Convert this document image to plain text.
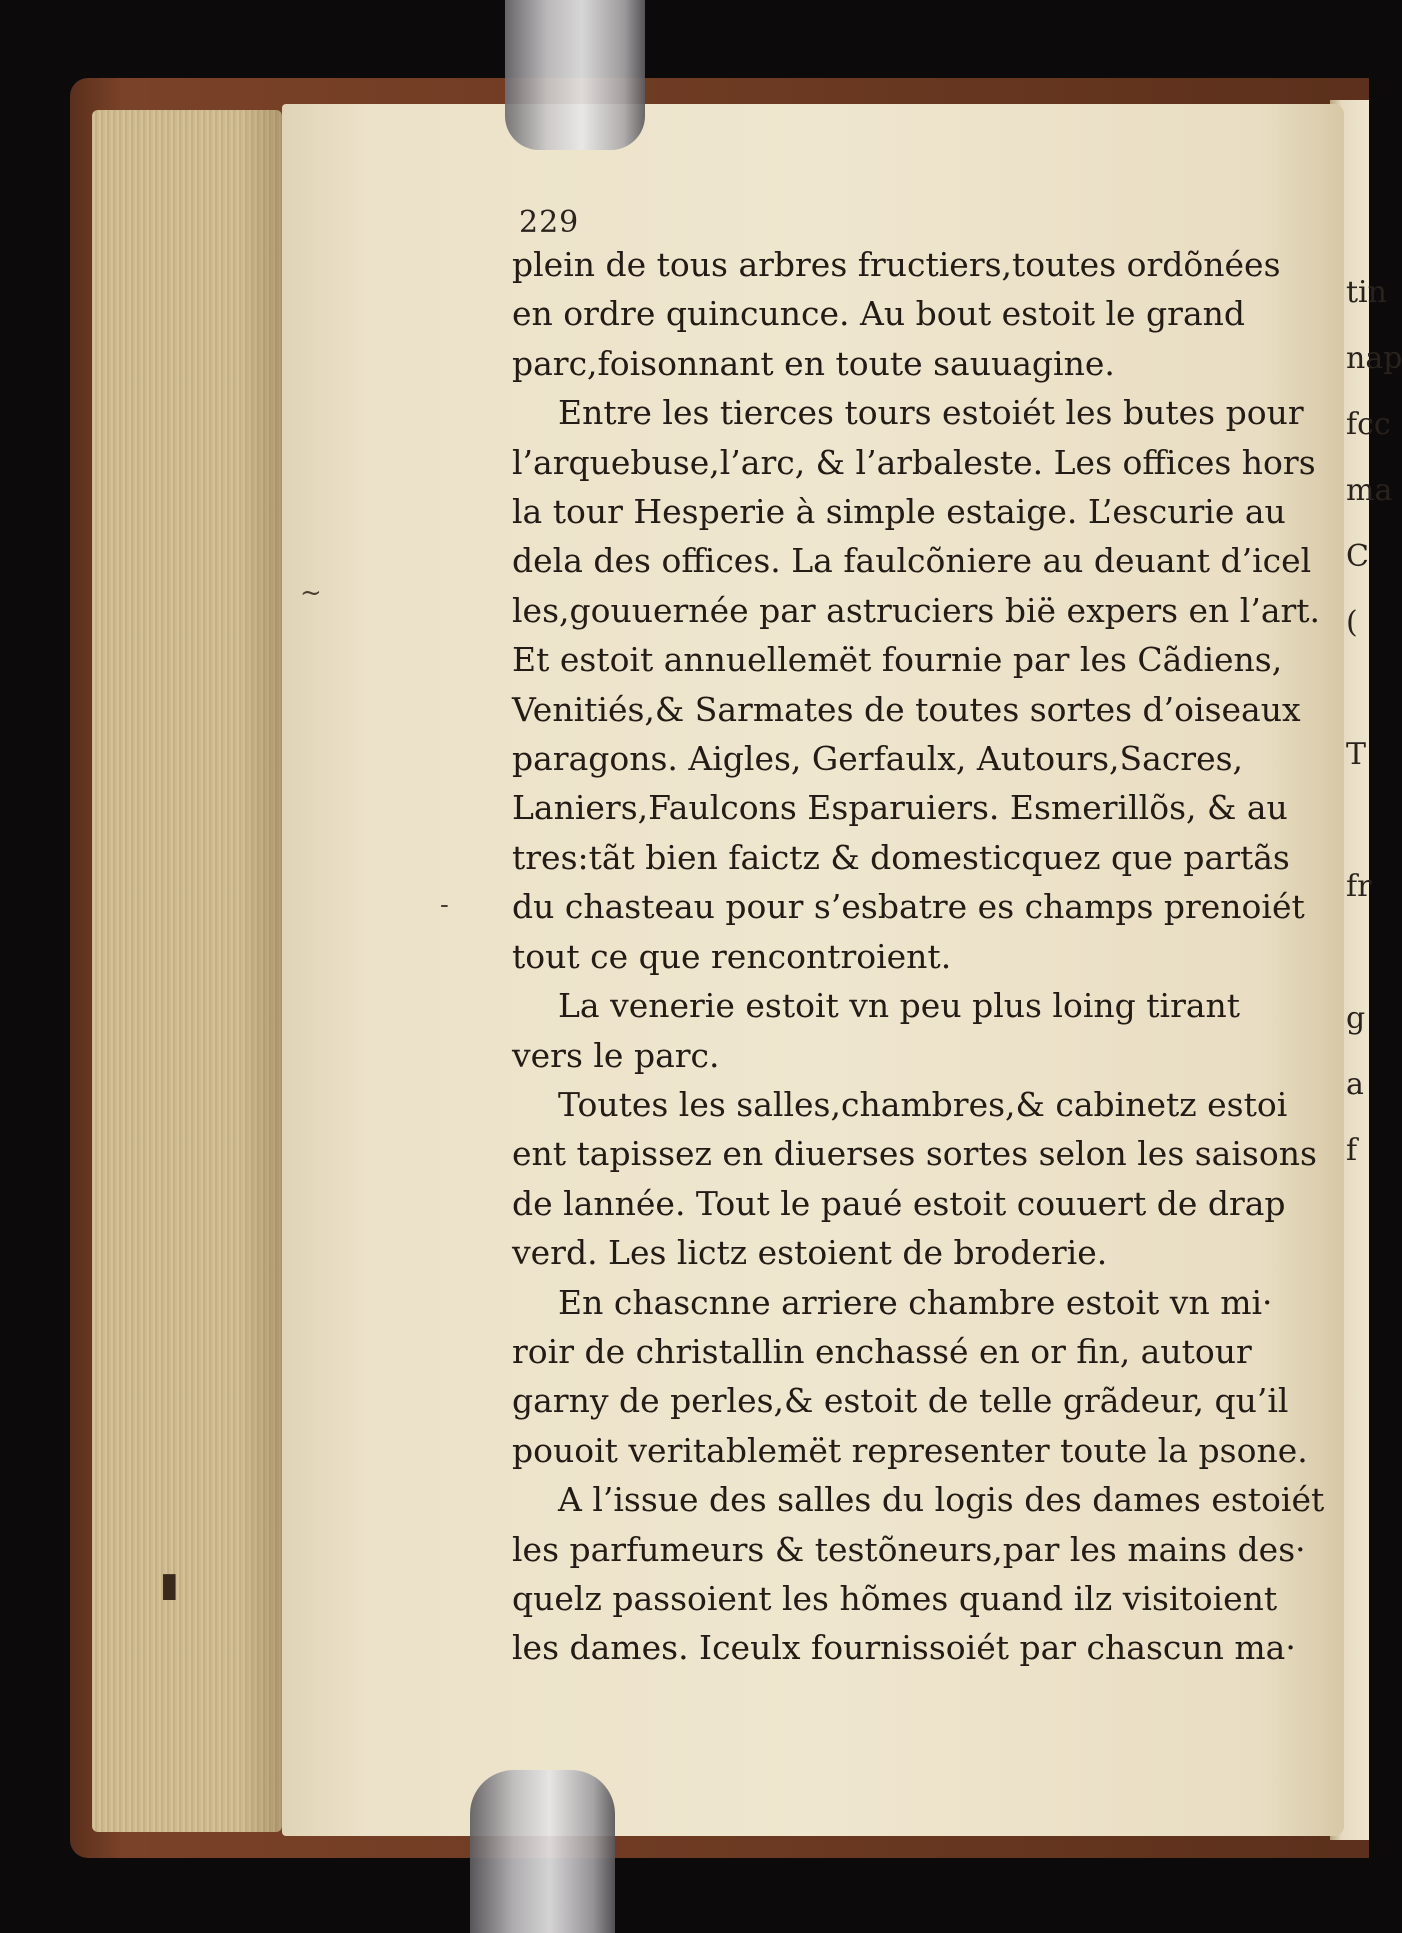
tin
nap
fcc
ma
C
(
T
fr
g
a
f
229
plein de tous arbres fructiers,toutes ordõnées
en ordre quincunce. Au bout estoit le grand
parc,foisonnant en toute sauuagine.
Entre les tierces tours estoiét les butes pour
l’arquebuse,l’arc, & l’arbaleste. Les offices hors
la tour Hesperie à simple estaige. L’escurie au
dela des offices. La faulcõniere au deuant d’icel
les,gouuernée par astruciers bië expers en l’art.
Et estoit annuellemët fournie par les Cãdiens,
Venitiés,& Sarmates de toutes sortes d’oiseaux
paragons. Aigles, Gerfaulx, Autours,Sacres,
Laniers,Faulcons Esparuiers. Esmerillõs, & au
tres:tãt bien faictz & domesticquez que partãs
du chasteau pour s’esbatre es champs prenoiét
tout ce que rencontroient.
La venerie estoit vn peu plus loing tirant
vers le parc.
Toutes les salles,chambres,& cabinetz estoi
ent tapissez en diuerses sortes selon les saisons
de lannée. Tout le paué estoit couuert de drap
verd. Les lictz estoient de broderie.
En chascnne arriere chambre estoit vn mi·
roir de christallin enchassé en or fin, autour
garny de perles,& estoit de telle grãdeur, qu’il
pouoit veritablemët representer toute la psone.
A l’issue des salles du logis des dames estoiét
les parfumeurs & testõneurs,par les mains des·
quelz passoient les hõmes quand ilz visitoient
les dames. Iceulx fournissoiét par chascun ma·
~
-
▮
